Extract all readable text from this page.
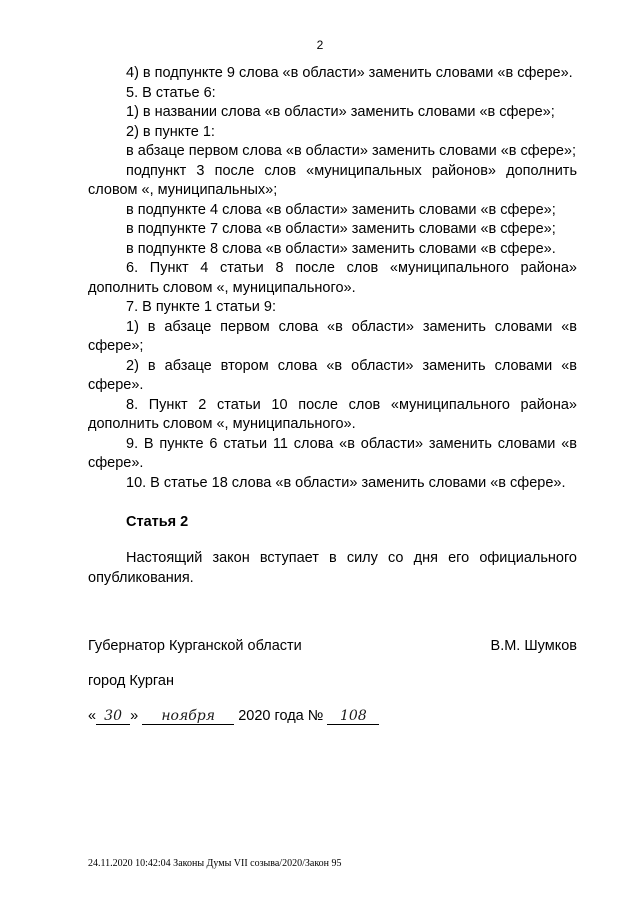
2

4) в подпункте 9 слова «в области» заменить словами «в сфере».

5. В статье 6:

1) в названии слова «в области» заменить словами «в сфере»;

2) в пункте 1:

в абзаце первом слова «в области» заменить словами «в сфере»;

подпункт 3 после слов «муниципальных районов» дополнить словом «, муниципальных»;

в подпункте 4 слова «в области» заменить словами «в сфере»;

в подпункте 7 слова «в области» заменить словами «в сфере»;

в подпункте 8 слова «в области» заменить словами «в сфере».

6. Пункт 4 статьи 8 после слов «муниципального района» дополнить словом «, муниципального».

7. В пункте 1 статьи 9:

1) в абзаце первом слова «в области» заменить словами «в сфере»;

2) в абзаце втором слова «в области» заменить словами «в сфере».

8. Пункт 2 статьи 10 после слов «муниципального района» дополнить словом «, муниципального».

9. В пункте 6 статьи 11 слова «в области» заменить словами «в сфере».

10. В статье 18 слова «в области» заменить словами «в сфере».

Статья 2

Настоящий закон вступает в силу со дня его официального опубликования.

Губернатор Курганской области	В.М. Шумков
город Курган
« 30 » ноября 2020 года № 108
24.11.2020 10:42:04 Законы Думы VII созыва/2020/Закон 95
